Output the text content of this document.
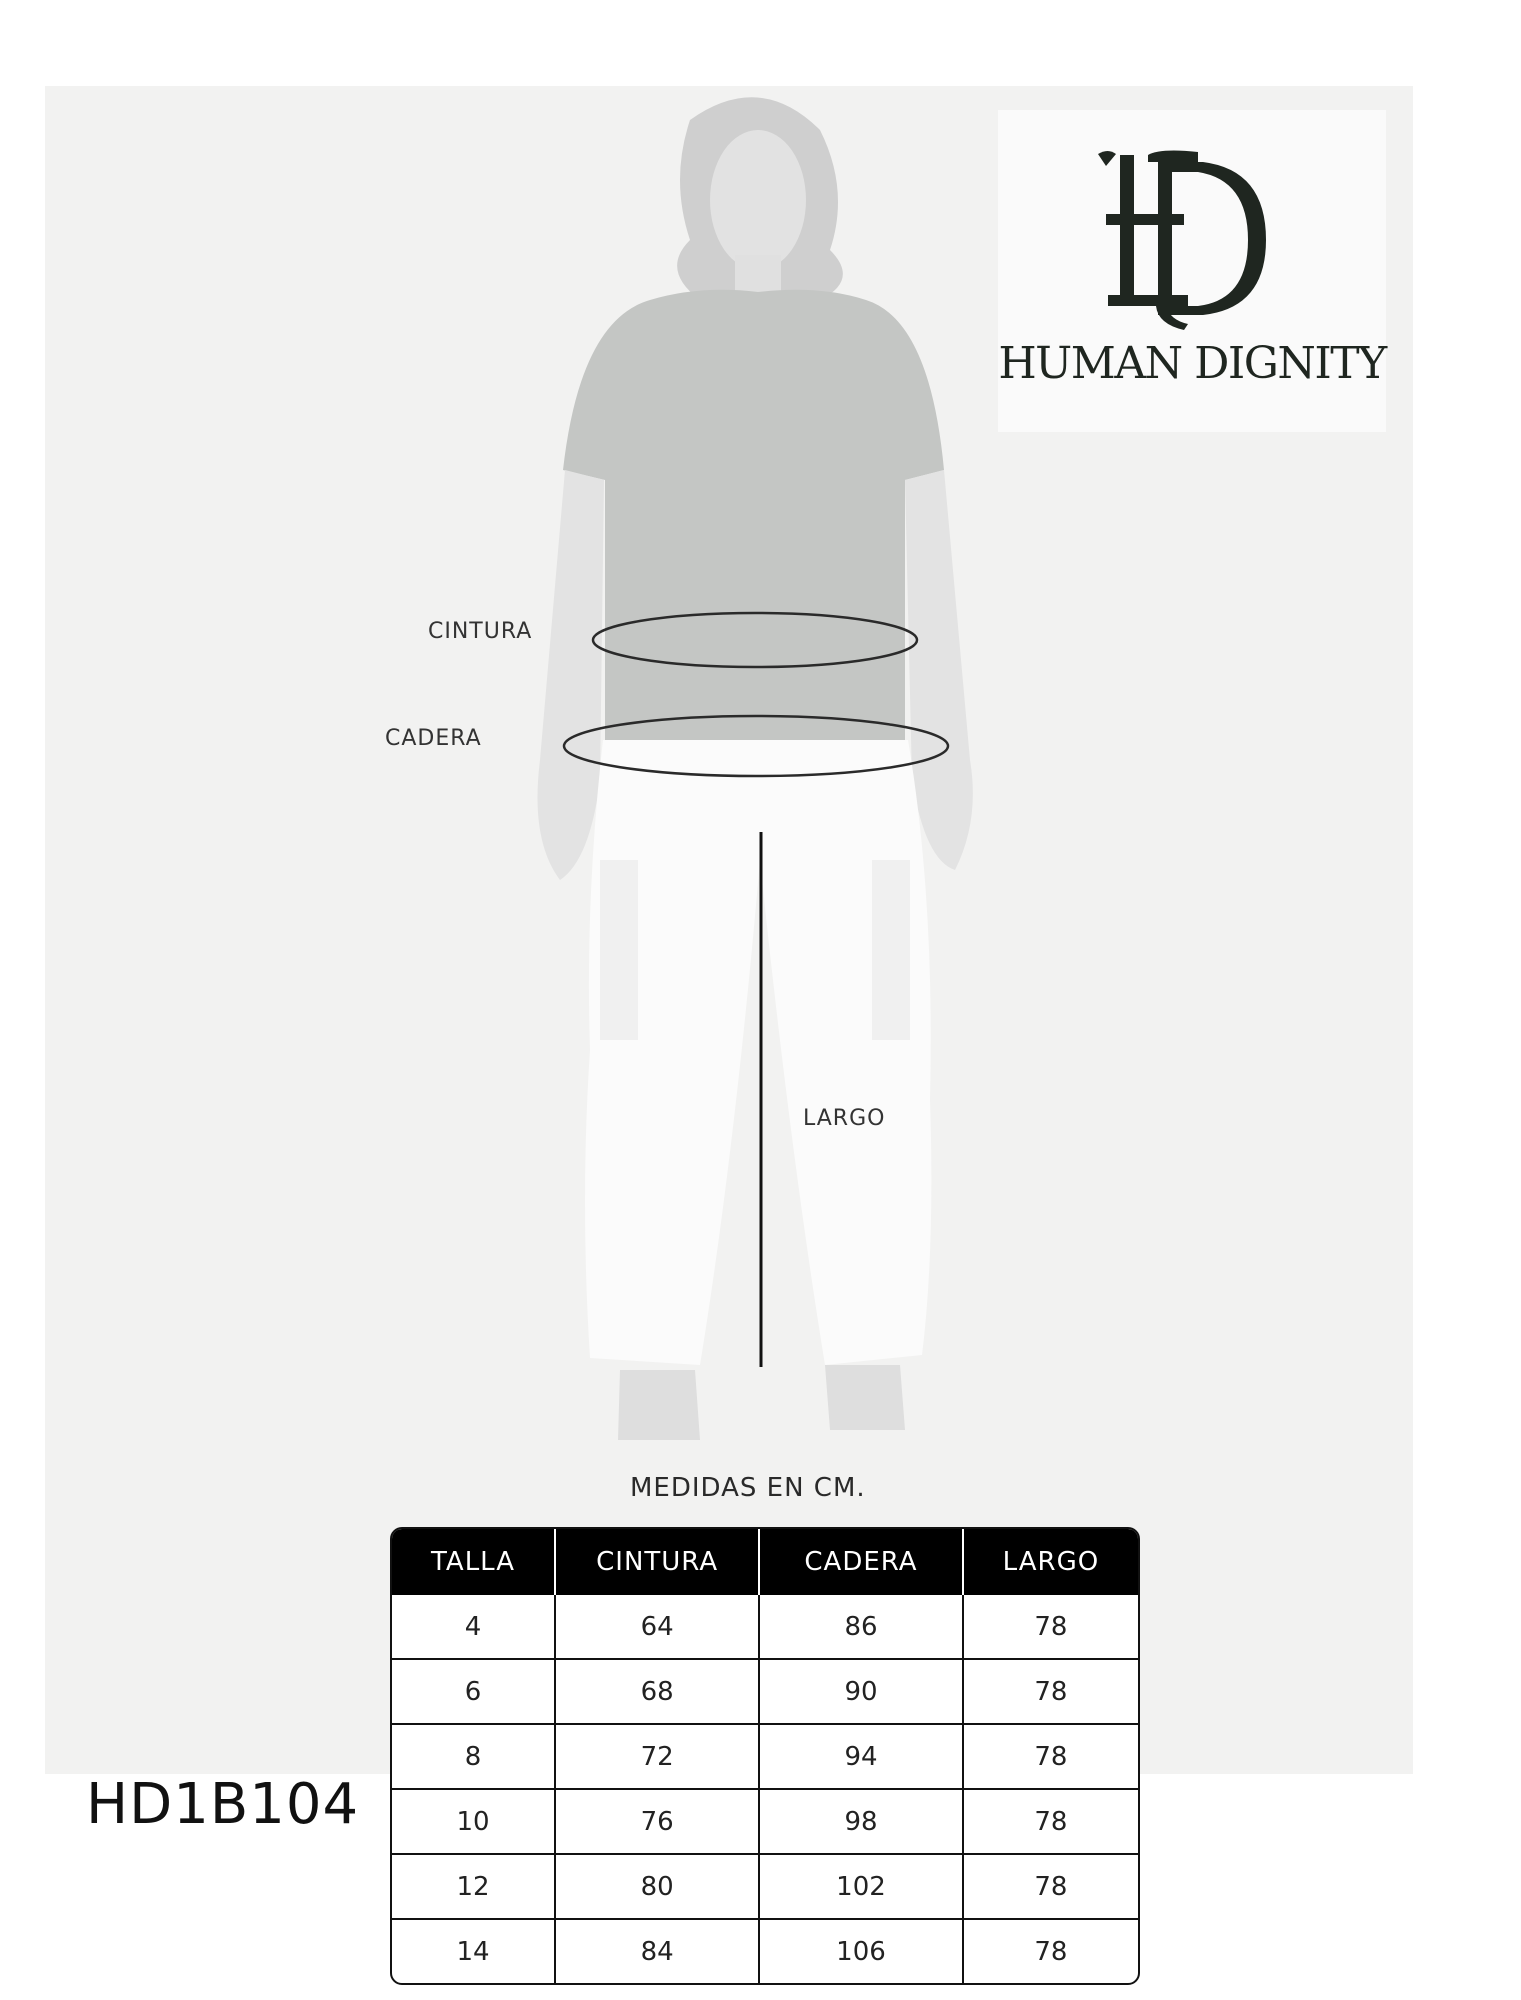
HUMAN DIGNITY
CINTURA
CADERA
LARGO
MEDIDAS EN CM.
HD1B104
TALLA	CINTURA	CADERA	LARGO
4	64	86	78
6	68	90	78
8	72	94	78
10	76	98	78
12	80	102	78
14	84	106	78
